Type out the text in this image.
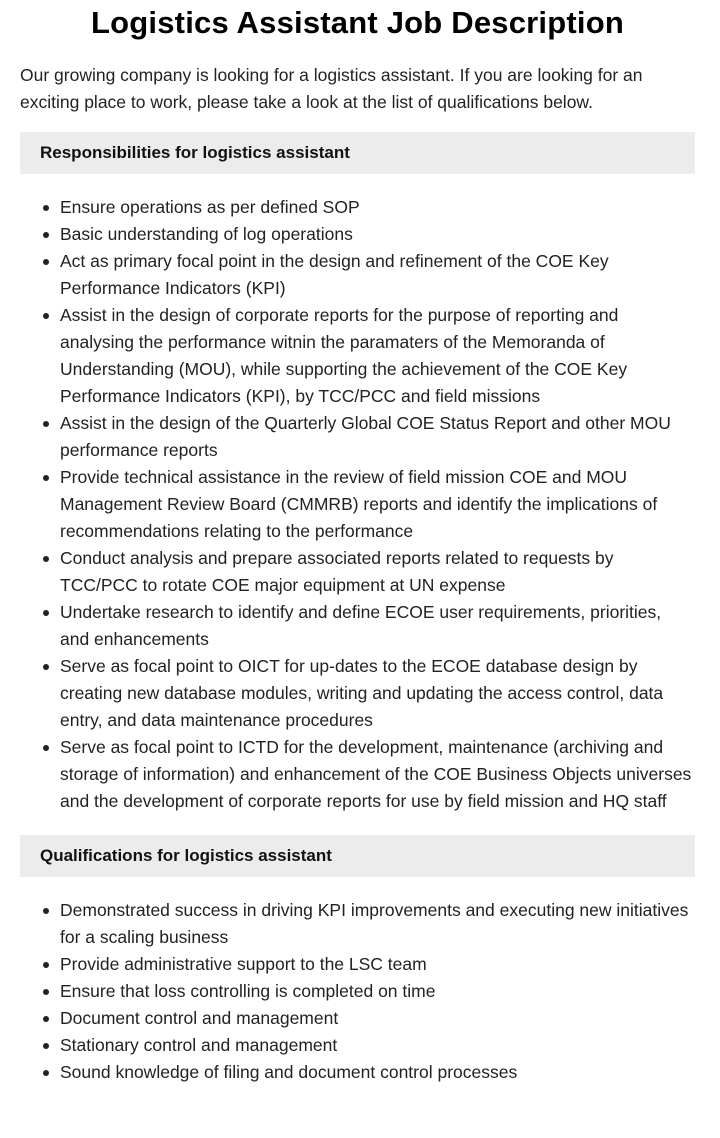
Logistics Assistant Job Description

Our growing company is looking for a logistics assistant. If you are looking for an exciting place to work, please take a look at the list of qualifications below.

Responsibilities for logistics assistant
Ensure operations as per defined SOP
Basic understanding of log operations
Act as primary focal point in the design and refinement of the COE Key Performance Indicators (KPI)
Assist in the design of corporate reports for the purpose of reporting and analysing the performance witnin the paramaters of the Memoranda of Understanding (MOU), while supporting the achievement of the COE Key Performance Indicators (KPI), by TCC/PCC and field missions
Assist in the design of the Quarterly Global COE Status Report and other MOU performance reports
Provide technical assistance in the review of field mission COE and MOU Management Review Board (CMMRB) reports and identify the implications of recommendations relating to the performance
Conduct analysis and prepare associated reports related to requests by TCC/PCC to rotate COE major equipment at UN expense
Undertake research to identify and define ECOE user requirements, priorities, and enhancements
Serve as focal point to OICT for up-dates to the ECOE database design by creating new database modules, writing and updating the access control, data entry, and data maintenance procedures
Serve as focal point to ICTD for the development, maintenance (archiving and storage of information) and enhancement of the COE Business Objects universes and the development of corporate reports for use by field mission and HQ staff
Qualifications for logistics assistant
Demonstrated success in driving KPI improvements and executing new initiatives for a scaling business
Provide administrative support to the LSC team
Ensure that loss controlling is completed on time
Document control and management
Stationary control and management
Sound knowledge of filing and document control processes
